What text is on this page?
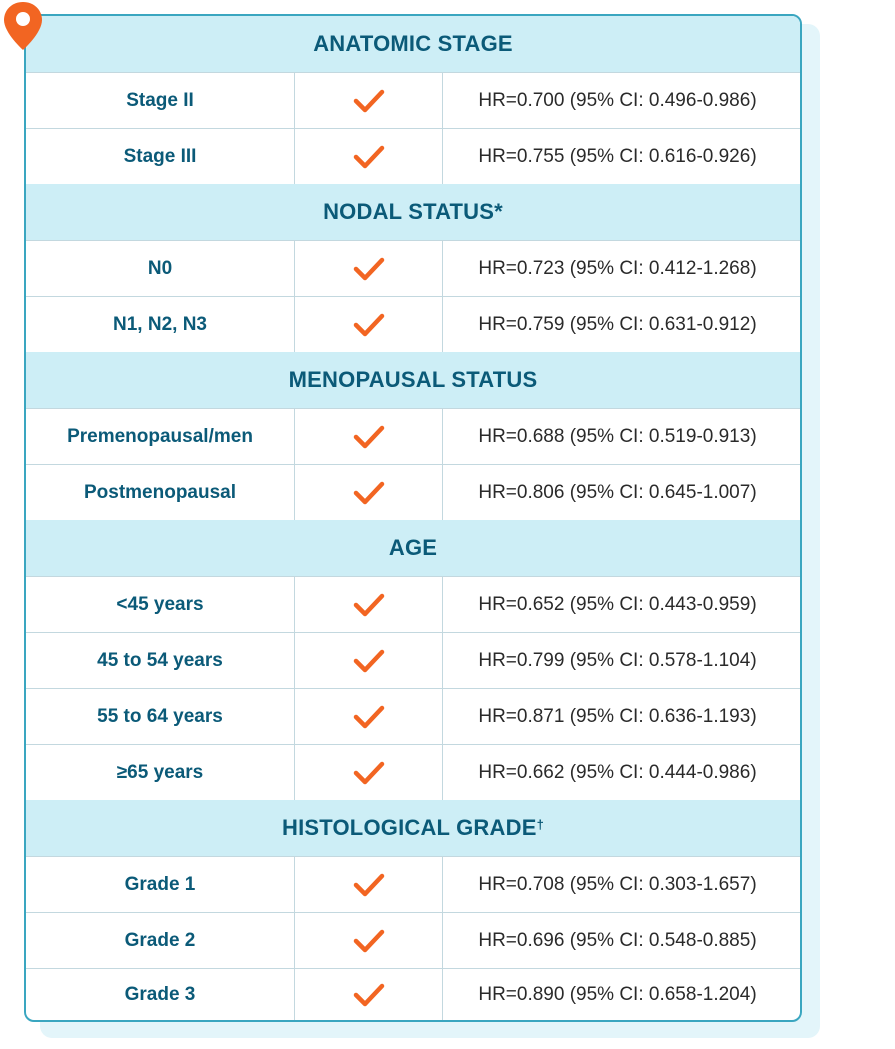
ANATOMIC STAGE
Stage II	HR=0.700 (95% CI: 0.496-0.986)
Stage III	HR=0.755 (95% CI: 0.616-0.926)
NODAL STATUS*
N0	HR=0.723 (95% CI: 0.412-1.268)
N1, N2, N3	HR=0.759 (95% CI: 0.631-0.912)
MENOPAUSAL STATUS
Premenopausal/men	HR=0.688 (95% CI: 0.519-0.913)
Postmenopausal	HR=0.806 (95% CI: 0.645-1.007)
AGE
<45 years	HR=0.652 (95% CI: 0.443-0.959)
45 to 54 years	HR=0.799 (95% CI: 0.578-1.104)
55 to 64 years	HR=0.871 (95% CI: 0.636-1.193)
≥65 years	HR=0.662 (95% CI: 0.444-0.986)
HISTOLOGICAL GRADE†
Grade 1	HR=0.708 (95% CI: 0.303-1.657)
Grade 2	HR=0.696 (95% CI: 0.548-0.885)
Grade 3	HR=0.890 (95% CI: 0.658-1.204)
